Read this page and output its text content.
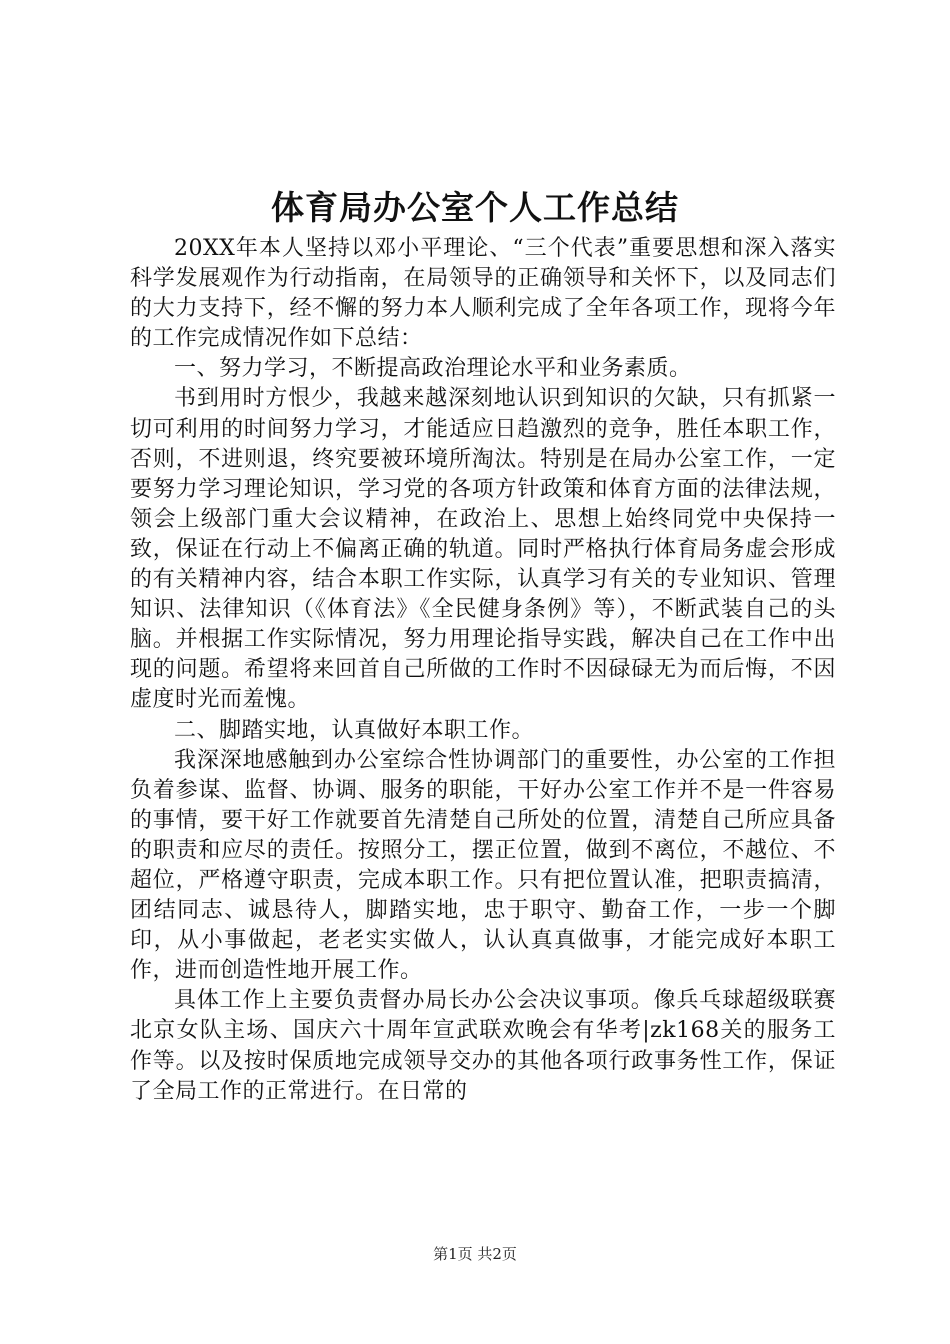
体育局办公室个人工作总结

20XX年本人坚持以邓小平理论、“三个代表”重要思想和深入落实科学发展观作为行动指南，在局领导的正确领导和关怀下，以及同志们的大力支持下，经不懈的努力本人顺利完成了全年各项工作，现将今年的工作完成情况作如下总结：

一、努力学习，不断提高政治理论水平和业务素质。

书到用时方恨少，我越来越深刻地认识到知识的欠缺，只有抓紧一切可利用的时间努力学习，才能适应日趋激烈的竞争，胜任本职工作，否则，不进则退，终究要被环境所淘汰。特别是在局办公室工作，一定要努力学习理论知识，学习党的各项方针政策和体育方面的法律法规，领会上级部门重大会议精神，在政治上、思想上始终同党中央保持一致，保证在行动上不偏离正确的轨道。同时严格执行体育局务虚会形成的有关精神内容，结合本职工作实际，认真学习有关的专业知识、管理知识、法律知识（《体育法》《全民健身条例》等），不断武装自己的头脑。并根据工作实际情况，努力用理论指导实践，解决自己在工作中出现的问题。希望将来回首自己所做的工作时不因碌碌无为而后悔，不因虚度时光而羞愧。

二、脚踏实地，认真做好本职工作。

我深深地感触到办公室综合性协调部门的重要性，办公室的工作担负着参谋、监督、协调、服务的职能，干好办公室工作并不是一件容易的事情，要干好工作就要首先清楚自己所处的位置，清楚自己所应具备的职责和应尽的责任。按照分工，摆正位置，做到不离位，不越位、不超位，严格遵守职责，完成本职工作。只有把位置认准，把职责搞清，团结同志、诚恳待人，脚踏实地，忠于职守、勤奋工作，一步一个脚印，从小事做起，老老实实做人，认认真真做事，才能完成好本职工作，进而创造性地开展工作。

具体工作上主要负责督办局长办公会决议事项。像兵乓球超级联赛北京女队主场、国庆六十周年宣武联欢晚会有华考|zk168关的服务工作等。以及按时保质地完成领导交办的其他各项行政事务性工作，保证了全局工作的正常进行。在日常的

第1页 共2页
